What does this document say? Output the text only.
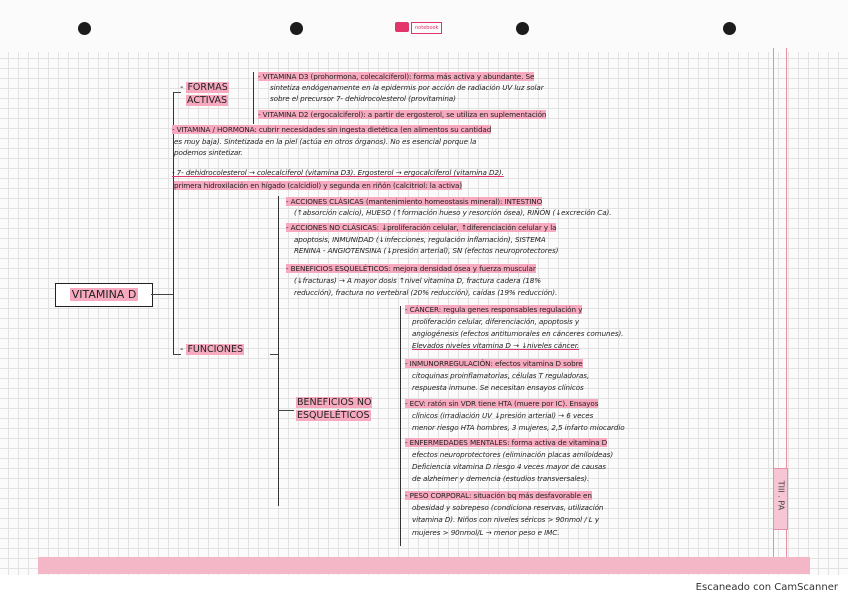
notebook
TIII . PA
Escaneado con CamScanner
VITAMINA D

- FORMAS

ACTIVAS

- VITAMINA D3 (prohormona, colecalciferol): forma más activa y abundante. Se

sintetiza endógenamente en la epidermis por acción de radiación UV luz solar

sobre el precursor 7- dehidrocolesterol (provitamina)

- VITAMINA D2 (ergocalciferol): a partir de ergosterol, se utiliza en suplementación

- VITAMINA / HORMONA: cubrir necesidades sin ingesta dietética (en alimentos su cantidad

es muy baja). Sintetizada en la piel (actúa en otros órganos). No es esencial porque la

podemos sintetizar.

- 7- dehidrocolesterol → colecalciferol (vitamina D3). Ergosterol → ergocalciferol (vitamina D2).

primera hidroxilación en hígado (calcidiol) y segunda en riñón (calcitriol: la activa)

- FUNCIONES

- ACCIONES CLÁSICAS (mantenimiento homeostasis mineral): INTESTINO

(↑absorción calcio), HUESO (↑formación hueso y resorción ósea), RIÑÓN (↓excreción Ca).

- ACCIONES NO CLÁSICAS: ↓proliferación celular, ↑diferenciación celular y la

apoptosis, INMUNIDAD (↓infecciones, regulación inflamación), SISTEMA

RENINA - ANGIOTENSINA (↓presión arterial), SN (efectos neuroprotectores)

- BENEFICIOS ESQUELÉTICOS: mejora densidad ósea y fuerza muscular

(↓fracturas) → A mayor dosis ↑nivel vitamina D, fractura cadera (18%

reducción), fractura no vertebral (20% reducción), caídas (19% reducción).

BENEFICIOS NO

ESQUELÉTICOS

- CÁNCER: regula genes responsables regulación y

proliferación celular, diferenciación, apoptosis y

angiogénesis (efectos antitumorales en cánceres comunes).

Elevados niveles vitamina D → ↓niveles cáncer.

- INMUNORREGULACIÓN: efectos vitamina D sobre

citoquinas proinflamatorias, células T reguladoras,

respuesta inmune. Se necesitan ensayos clínicos

- ECV: ratón sin VDR tiene HTA (muere por IC). Ensayos

clínicos (irradiación UV ↓presión arterial) → 6 veces

menor riesgo HTA hombres, 3 mujeres, 2,5 infarto miocardio

- ENFERMEDADES MENTALES: forma activa de vitamina D

efectos neuroprotectores (eliminación placas amiloideas)

Deficiencia vitamina D riesgo 4 veces mayor de causas

de alzheimer y demencia (estudios transversales).

- PESO CORPORAL: situación bq más desfavorable en

obesidad y sobrepeso (condiciona reservas, utilización

vitamina D). Niños con niveles séricos > 90nmol / L y

mujeres > 90nmol/L → menor peso e IMC.
